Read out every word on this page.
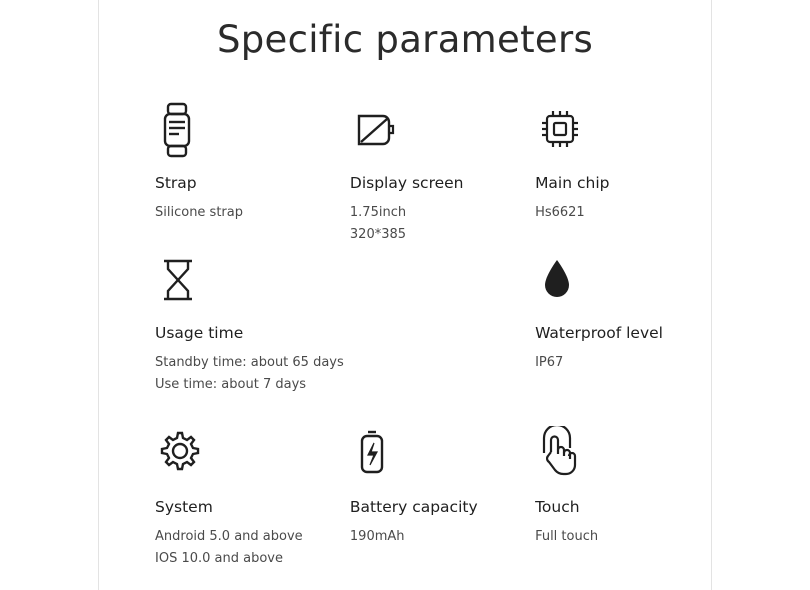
Specific parameters
Strap
Silicone strap
Display screen
1.75inch
320*385
Main chip
Hs6621
Usage time
Standby time: about 65 days
Use time: about 7 days
Waterproof level
IP67
System
Android 5.0 and above
IOS 10.0 and above
Battery capacity
190mAh
Touch
Full touch
